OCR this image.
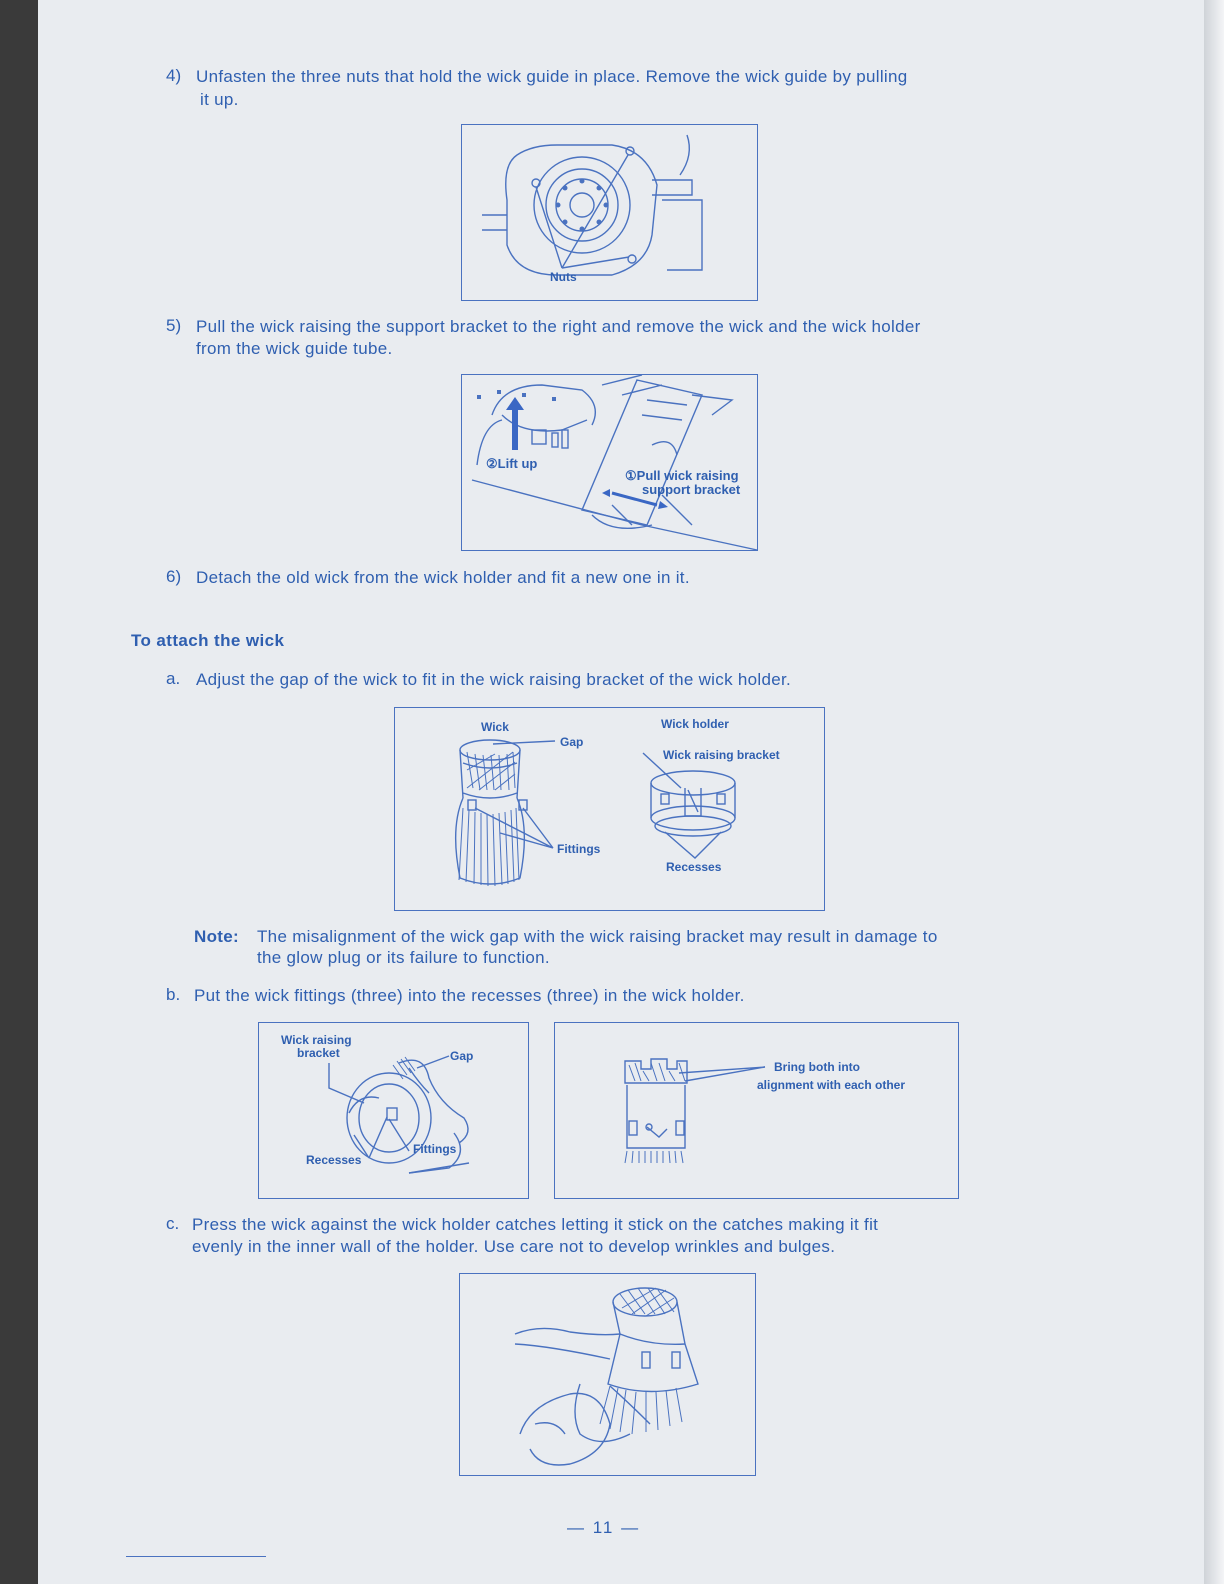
4) Unfasten the three nuts that hold the wick guide in place. Remove the wick guide by pulling
it up.
Nuts
5) Pull the wick raising the support bracket to the right and remove the wick and the wick holder
from the wick guide tube.
②Lift up
①Pull wick raising
support bracket
6) Detach the old wick from the wick holder and fit a new one in it.
To attach the wick
a. Adjust the gap of the wick to fit in the wick raising bracket of the wick holder.
Wick
Gap
Fittings
Wick holder
Wick raising bracket
Recesses
Note: The misalignment of the wick gap with the wick raising bracket may result in damage to
the glow plug or its failure to function.
b. Put the wick fittings (three) into the recesses (three) in the wick holder.
Wick raising
bracket	Gap
Fittings
Recesses
Bring both into
alignment with each other
c. Press the wick against the wick holder catches letting it stick on the catches making it fit
evenly in the inner wall of the holder. Use care not to develop wrinkles and bulges.
— 11 —
